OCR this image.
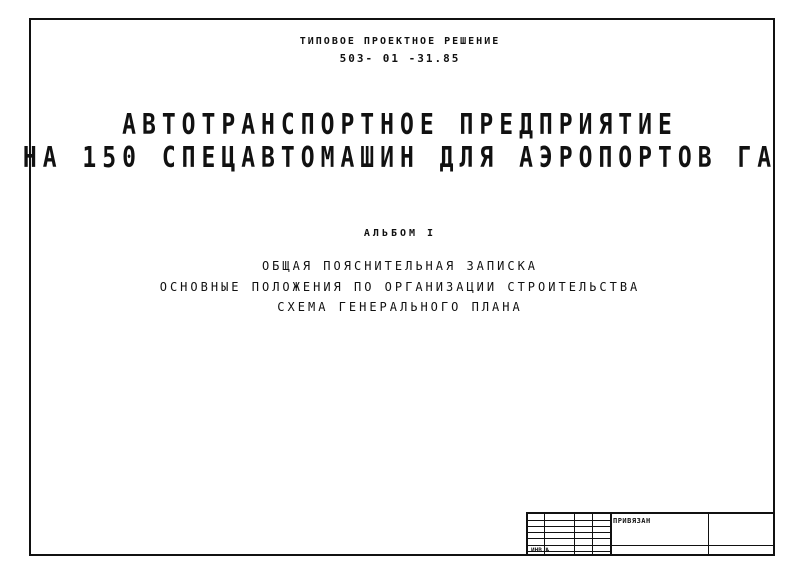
ТИПОВОЕ ПРОЕКТНОЕ РЕШЕНИЕ
503- 01 -31.85
АВТОТРАНСПОРТНОЕ ПРЕДПРИЯТИЕ
НА 150 СПЕЦАВТОМАШИН ДЛЯ АЭРОПОРТОВ ГА
АЛЬБОМ I
ОБЩАЯ ПОЯСНИТЕЛЬНАЯ ЗАПИСКА
ОСНОВНЫЕ ПОЛОЖЕНИЯ ПО ОРГАНИЗАЦИИ СТРОИТЕЛЬСТВА
СХЕМА ГЕНЕРАЛЬНОГО ПЛАНА
ПРИВЯЗАН
ИНВ.№
